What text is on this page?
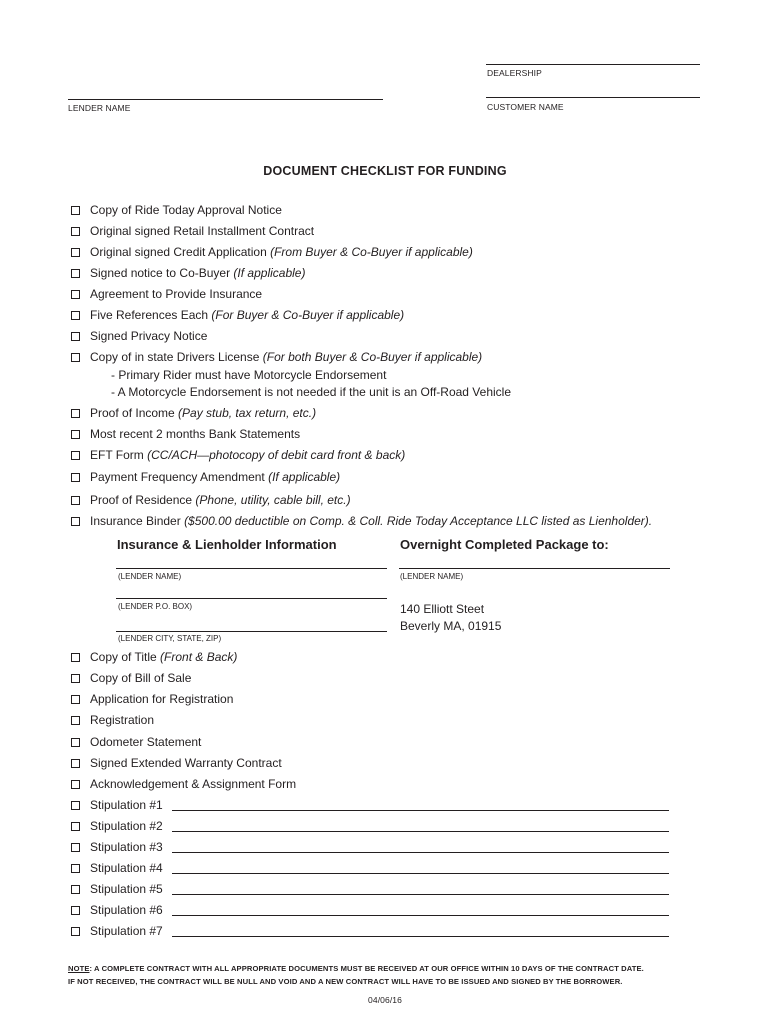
DEALERSHIP
LENDER NAME	CUSTOMER NAME
DOCUMENT CHECKLIST FOR FUNDING
Copy of Ride Today Approval Notice
Original signed Retail Installment Contract
Original signed Credit Application (From Buyer & Co-Buyer if applicable)
Signed notice to Co-Buyer (If applicable)
Agreement to Provide Insurance
Five References Each (For Buyer & Co-Buyer if applicable)
Signed Privacy Notice
Copy of in state Drivers License (For both Buyer & Co-Buyer if applicable)
- Primary Rider must have Motorcycle Endorsement
- A Motorcycle Endorsement is not needed if the unit is an Off-Road Vehicle
Proof of Income (Pay stub, tax return, etc.)
Most recent 2 months Bank Statements
EFT Form (CC/ACH—photocopy of debit card front & back)
Payment Frequency Amendment (If applicable)
Proof of Residence (Phone, utility, cable bill, etc.)
Insurance Binder ($500.00 deductible on Comp. & Coll. Ride Today Acceptance LLC listed as Lienholder).
Insurance & Lienholder Information
(LENDER NAME)
(LENDER P.O. BOX)
(LENDER CITY, STATE, ZIP)
Overnight Completed Package to:
(LENDER NAME)
140 Elliott Steet
Beverly MA, 01915
Copy of Title (Front & Back)
Copy of Bill of Sale
Application for Registration
Registration
Odometer Statement
Signed Extended Warranty Contract
Acknowledgement & Assignment Form
Stipulation #1
Stipulation #2
Stipulation #3
Stipulation #4
Stipulation #5
Stipulation #6
Stipulation #7
NOTE: A COMPLETE CONTRACT WITH ALL APPROPRIATE DOCUMENTS MUST BE RECEIVED AT OUR OFFICE WITHIN 10 DAYS OF THE CONTRACT DATE.
IF NOT RECEIVED, THE CONTRACT WILL BE NULL AND VOID AND A NEW CONTRACT WILL HAVE TO BE ISSUED AND SIGNED BY THE BORROWER.
04/06/16
